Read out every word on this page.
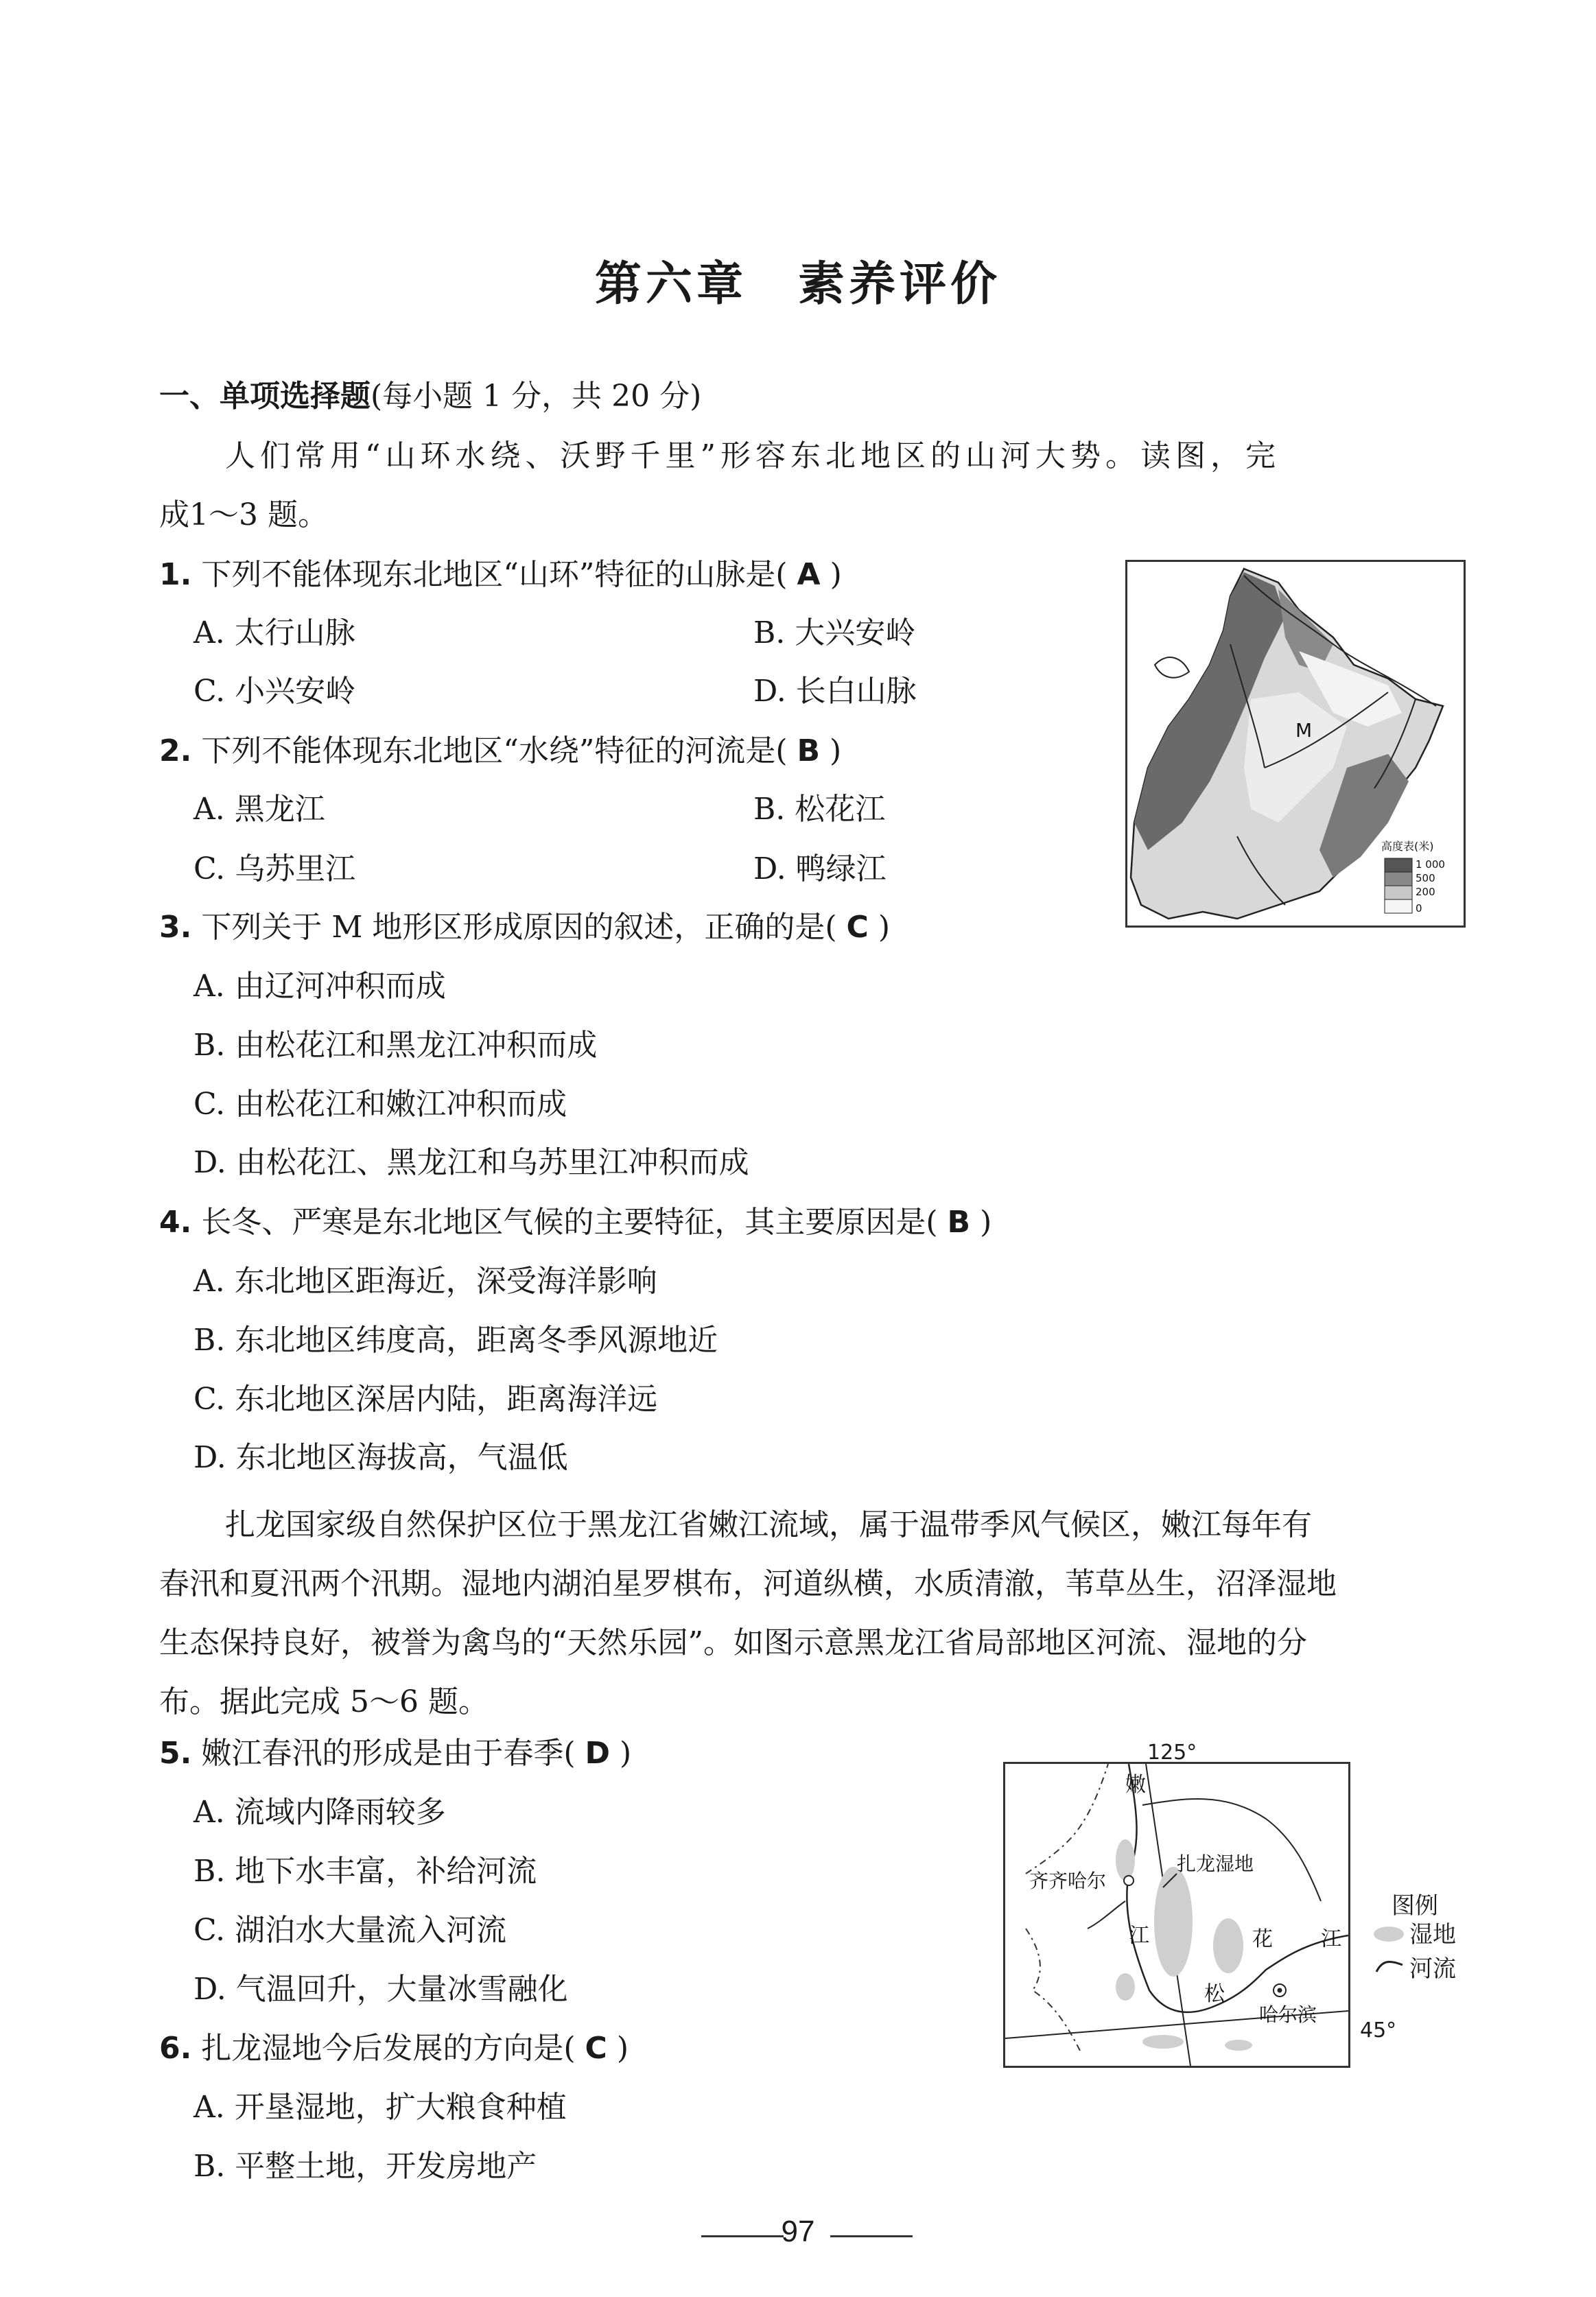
第六章　素养评价
一、单项选择题(每小题 1 分，共 20 分)
人们常用“山环水绕、沃野千里”形容东北地区的山河大势。读图，完
成1～3 题。
1. 下列不能体现东北地区“山环”特征的山脉是( A )
A. 太行山脉	B. 大兴安岭
C. 小兴安岭	D. 长白山脉
2. 下列不能体现东北地区“水绕”特征的河流是( B )
A. 黑龙江	B. 松花江
C. 乌苏里江	D. 鸭绿江
3. 下列关于 M 地形区形成原因的叙述，正确的是( C )
A. 由辽河冲积而成
B. 由松花江和黑龙江冲积而成
C. 由松花江和嫩江冲积而成
D. 由松花江、黑龙江和乌苏里江冲积而成
4. 长冬、严寒是东北地区气候的主要特征，其主要原因是( B )
A. 东北地区距海近，深受海洋影响
B. 东北地区纬度高，距离冬季风源地近
C. 东北地区深居内陆，距离海洋远
D. 东北地区海拔高，气温低
扎龙国家级自然保护区位于黑龙江省嫩江流域，属于温带季风气候区，嫩江每年有
春汛和夏汛两个汛期。湿地内湖泊星罗棋布，河道纵横，水质清澈，苇草丛生，沼泽湿地
生态保持良好，被誉为禽鸟的“天然乐园”。如图示意黑龙江省局部地区河流、湿地的分
布。据此完成 5～6 题。
5. 嫩江春汛的形成是由于春季( D )
A. 流域内降雨较多
B. 地下水丰富，补给河流
C. 湖泊水大量流入河流
D. 气温回升，大量冰雪融化
6. 扎龙湿地今后发展的方向是( C )
A. 开垦湿地，扩大粮食种植
B. 平整土地，开发房地产
M
高度表(米)
1 000
500
200
0
嫩
齐齐哈尔
扎龙湿地
江	花 江
松
哈尔滨
125°
45°
图例
湿地
河流
97
